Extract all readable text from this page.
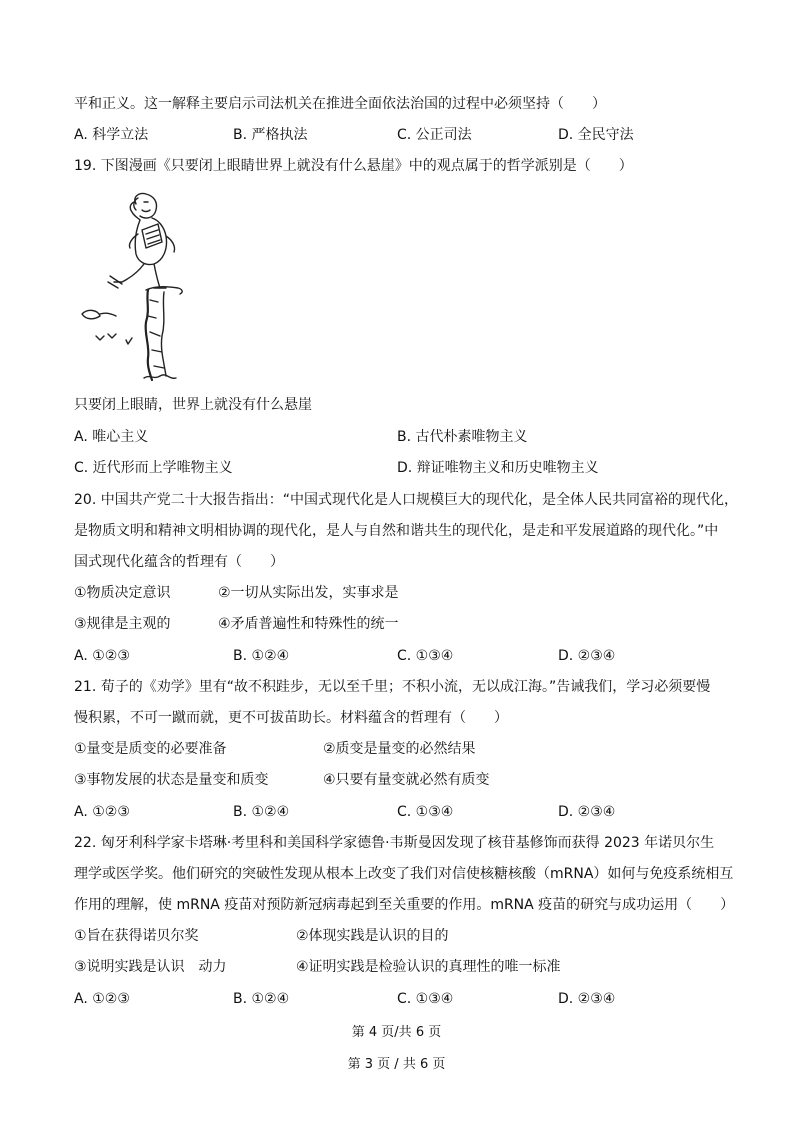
平和正义。这一解释主要启示司法机关在推进全面依法治国的过程中必须坚持（　　）
A. 科学立法	B. 严格执法	C. 公正司法	D. 全民守法
19. 下图漫画《只要闭上眼睛世界上就没有什么悬崖》中的观点属于的哲学派别是（　　）
只要闭上眼睛，世界上就没有什么悬崖
A. 唯心主义	B. 古代朴素唯物主义
C. 近代形而上学唯物主义	D. 辩证唯物主义和历史唯物主义
20. 中国共产党二十大报告指出：“中国式现代化是人口规模巨大的现代化，是全体人民共同富裕的现代化，
是物质文明和精神文明相协调的现代化，是人与自然和谐共生的现代化，是走和平发展道路的现代化。”中
国式现代化蕴含的哲理有（　　）
①物质决定意识	②一切从实际出发，实事求是
③规律是主观的	④矛盾普遍性和特殊性的统一
A. ①②③	B. ①②④	C. ①③④	D. ②③④
21. 荀子的《劝学》里有“故不积跬步，无以至千里；不积小流，无以成江海。”告诫我们，学习必须要慢
慢积累，不可一蹴而就，更不可拔苗助长。材料蕴含的哲理有（　　）
①量变是质变的必要准备	②质变是量变的必然结果
③事物发展的状态是量变和质变	④只要有量变就必然有质变
A. ①②③	B. ①②④	C. ①③④	D. ②③④
22. 匈牙利科学家卡塔琳·考里科和美国科学家德鲁·韦斯曼因发现了核苷基修饰而获得 2023 年诺贝尔生
理学或医学奖。他们研究的突破性发现从根本上改变了我们对信使核糖核酸（mRNA）如何与免疫系统相互
作用的理解，使 mRNA 疫苗对预防新冠病毒起到至关重要的作用。mRNA 疫苗的研究与成功运用（　　）
①旨在获得诺贝尔奖	②体现实践是认识的目的
③说明实践是认识　动力	④证明实践是检验认识的真理性的唯一标准
A. ①②③	B. ①②④	C. ①③④	D. ②③④
第 4 页/共 6 页
第 3 页 / 共 6 页
